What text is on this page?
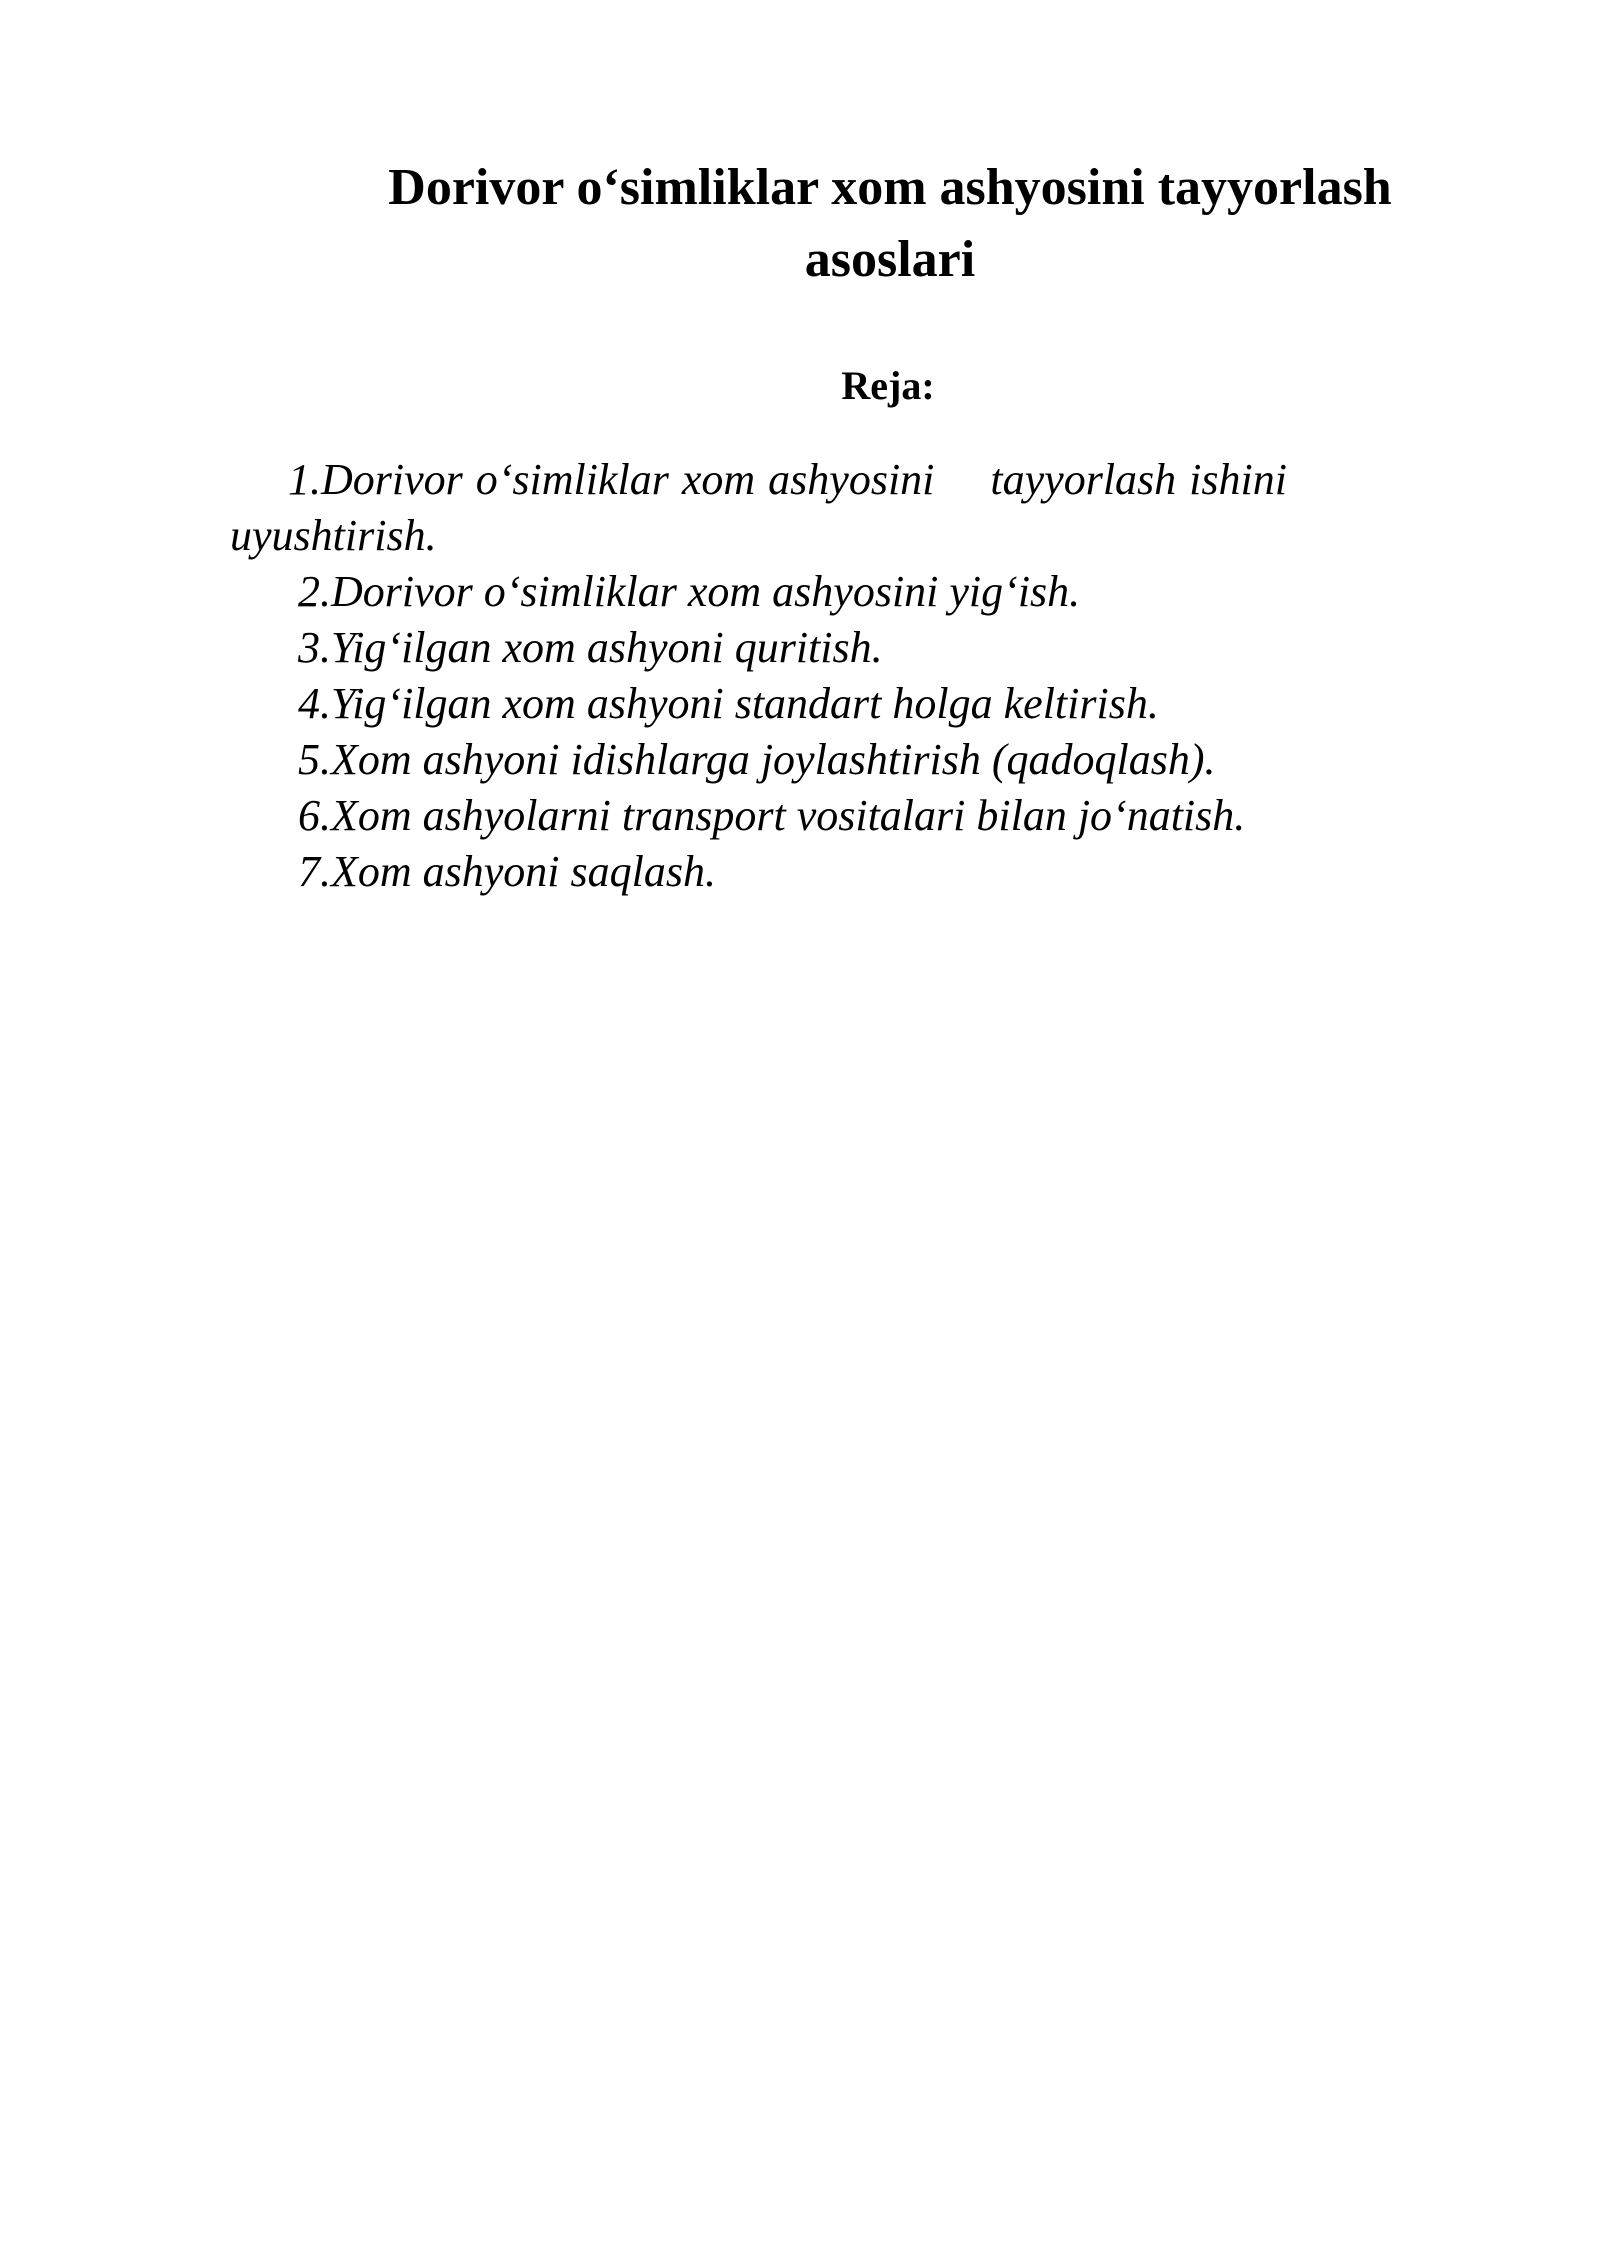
Dorivor o‘simliklar xom ashyosini tayyorlash asoslari
Reja:
1.Dorivor o‘simliklar xom ashyosini tayyorlash ishini uyushtirish.
2.Dorivor o‘simliklar xom ashyosini yig‘ish.
3.Yig‘ilgan xom ashyoni quritish.
4.Yig‘ilgan xom ashyoni standart holga keltirish.
5.Xom ashyoni idishlarga joylashtirish (qadoqlash).
6.Xom ashyolarni transport vositalari bilan jo‘natish.
7.Xom ashyoni saqlash.
